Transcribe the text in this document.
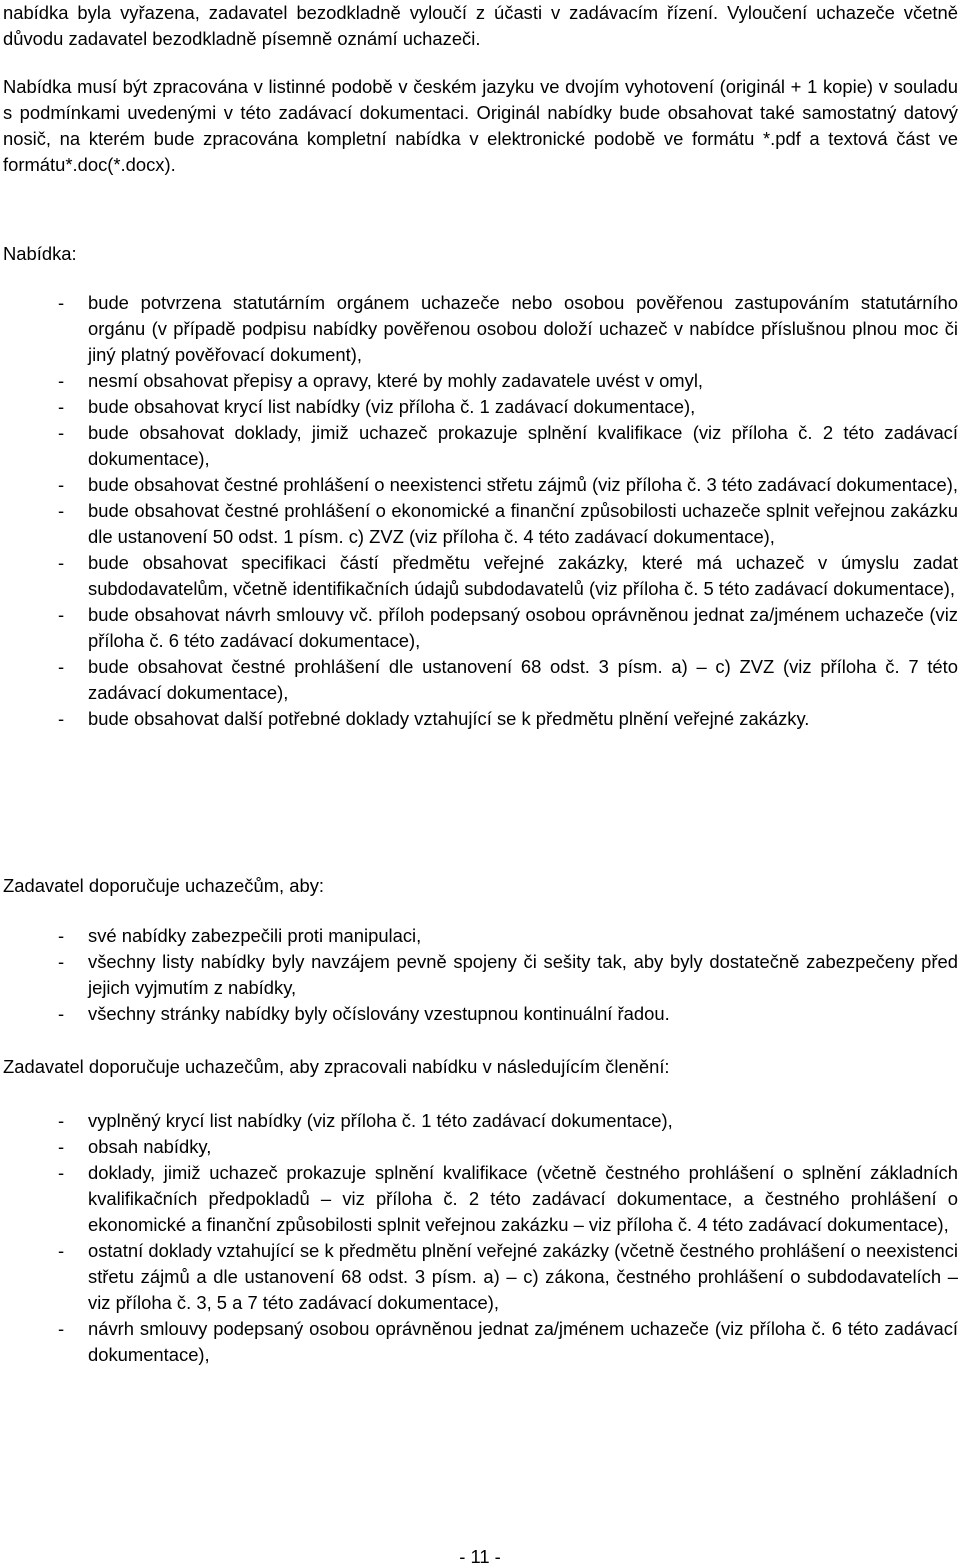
nabídka byla vyřazena, zadavatel bezodkladně vyloučí z účasti v zadávacím řízení. Vyloučení uchazeče včetně důvodu zadavatel bezodkladně písemně oznámí uchazeči.

Nabídka musí být zpracována v listinné podobě v českém jazyku ve dvojím vyhotovení (originál + 1 kopie) v souladu s podmínkami uvedenými v této zadávací dokumentaci. Originál nabídky bude obsahovat také samostatný datový nosič, na kterém bude zpracována kompletní nabídka v elektronické podobě ve formátu *.pdf a textová část ve formátu*.doc(*.docx).

Nabídka:

- bude potvrzena statutárním orgánem uchazeče nebo osobou pověřenou zastupováním statutárního orgánu (v případě podpisu nabídky pověřenou osobou doloží uchazeč v nabídce příslušnou plnou moc či jiný platný pověřovací dokument),
- nesmí obsahovat přepisy a opravy, které by mohly zadavatele uvést v omyl,
- bude obsahovat krycí list nabídky (viz příloha č. 1 zadávací dokumentace),
- bude obsahovat doklady, jimiž uchazeč prokazuje splnění kvalifikace (viz příloha č. 2 této zadávací dokumentace),
- bude obsahovat čestné prohlášení o neexistenci střetu zájmů (viz příloha č. 3 této zadávací dokumentace),
- bude obsahovat čestné prohlášení o ekonomické a finanční způsobilosti uchazeče splnit veřejnou zakázku dle ustanovení 50 odst. 1 písm. c) ZVZ (viz příloha č. 4 této zadávací dokumentace),
- bude obsahovat specifikaci částí předmětu veřejné zakázky, které má uchazeč v úmyslu zadat subdodavatelům, včetně identifikačních údajů subdodavatelů (viz příloha č. 5 této zadávací dokumentace),
- bude obsahovat návrh smlouvy vč. příloh podepsaný osobou oprávněnou jednat za/jménem uchazeče (viz příloha č. 6 této zadávací dokumentace),
- bude obsahovat čestné prohlášení dle ustanovení 68 odst. 3 písm. a) – c) ZVZ (viz příloha č. 7 této zadávací dokumentace),
- bude obsahovat další potřebné doklady vztahující se k předmětu plnění veřejné zakázky.

Zadavatel doporučuje uchazečům, aby:

- své nabídky zabezpečili proti manipulaci,
- všechny listy nabídky byly navzájem pevně spojeny či sešity tak, aby byly dostatečně zabezpečeny před jejich vyjmutím z nabídky,
- všechny stránky nabídky byly očíslovány vzestupnou kontinuální řadou.

Zadavatel doporučuje uchazečům, aby zpracovali nabídku v následujícím členění:

- vyplněný krycí list nabídky (viz příloha č. 1 této zadávací dokumentace),
- obsah nabídky,
- doklady, jimiž uchazeč prokazuje splnění kvalifikace (včetně čestného prohlášení o splnění základních kvalifikačních předpokladů – viz příloha č. 2 této zadávací dokumentace, a čestného prohlášení o ekonomické a finanční způsobilosti splnit veřejnou zakázku – viz příloha č. 4 této zadávací dokumentace),
- ostatní doklady vztahující se k předmětu plnění veřejné zakázky (včetně čestného prohlášení o neexistenci střetu zájmů a dle ustanovení 68 odst. 3 písm. a) – c) zákona, čestného prohlášení o subdodavatelích – viz příloha č. 3, 5 a 7 této zadávací dokumentace),
- návrh smlouvy podepsaný osobou oprávněnou jednat za/jménem uchazeče (viz příloha č. 6 této zadávací dokumentace),
- 11 -
